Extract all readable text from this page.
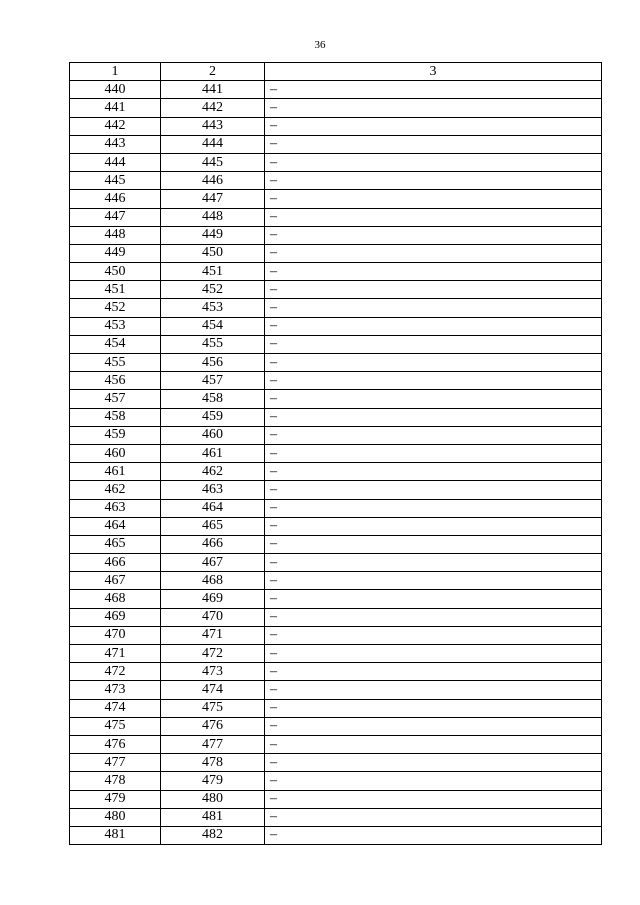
36
1	2	3
440	441	–
441	442	–
442	443	–
443	444	–
444	445	–
445	446	–
446	447	–
447	448	–
448	449	–
449	450	–
450	451	–
451	452	–
452	453	–
453	454	–
454	455	–
455	456	–
456	457	–
457	458	–
458	459	–
459	460	–
460	461	–
461	462	–
462	463	–
463	464	–
464	465	–
465	466	–
466	467	–
467	468	–
468	469	–
469	470	–
470	471	–
471	472	–
472	473	–
473	474	–
474	475	–
475	476	–
476	477	–
477	478	–
478	479	–
479	480	–
480	481	–
481	482	–
